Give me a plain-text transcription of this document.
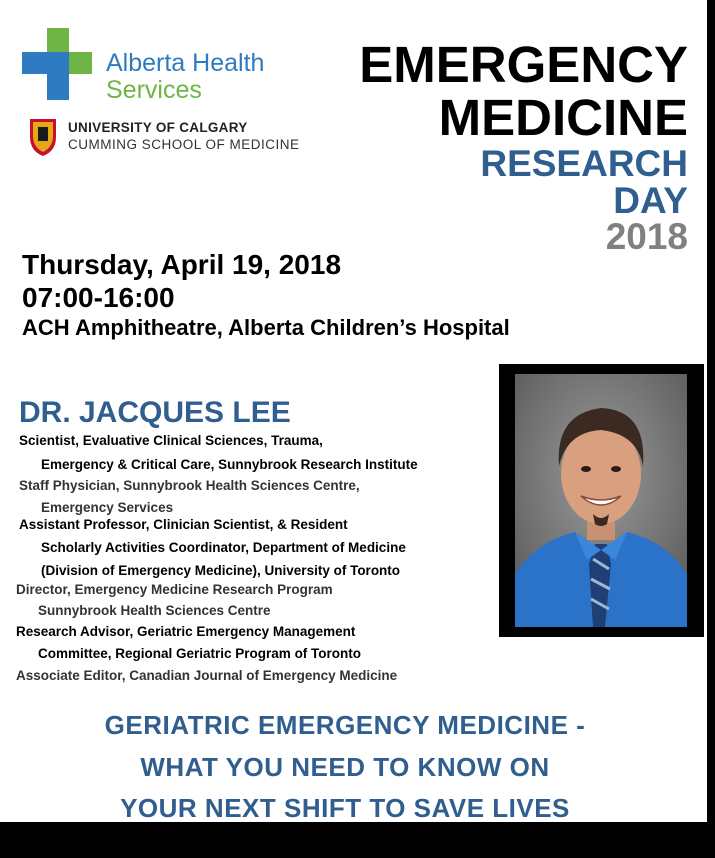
Alberta Health
Services
UNIVERSITY OF CALGARY
CUMMING SCHOOL OF MEDICINE
EMERGENCY
MEDICINE
RESEARCH
DAY
2018
Thursday, April 19, 2018
07:00-16:00
ACH Amphitheatre, Alberta Children’s Hospital
DR. JACQUES LEE
Scientist, Evaluative Clinical Sciences, Trauma,
Emergency & Critical Care, Sunnybrook Research Institute
Staff Physician, Sunnybrook Health Sciences Centre,
Emergency Services
Assistant Professor, Clinician Scientist, & Resident
Scholarly Activities Coordinator, Department of Medicine
(Division of Emergency Medicine), University of Toronto
Director, Emergency Medicine Research Program
Sunnybrook Health Sciences Centre
Research Advisor, Geriatric Emergency Management
Committee, Regional Geriatric Program of Toronto
Associate Editor, Canadian Journal of Emergency Medicine
GERIATRIC EMERGENCY MEDICINE -
WHAT YOU NEED TO KNOW ON
YOUR NEXT SHIFT TO SAVE LIVES
